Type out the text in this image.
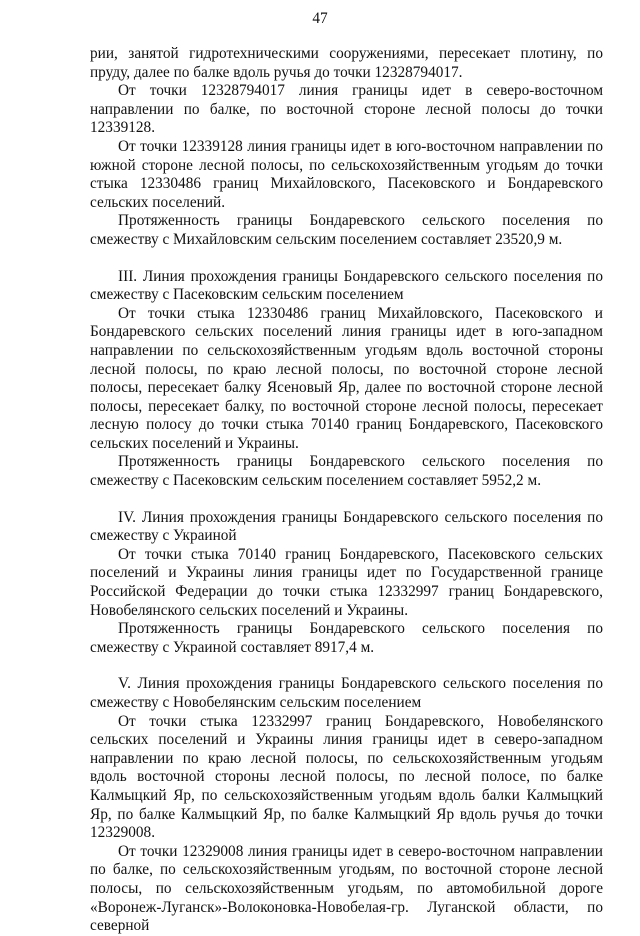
47

рии, занятой гидротехническими сооружениями, пересекает плотину, по пруду, далее по балке вдоль ручья до точки 12328794017.

От точки 12328794017 линия границы идет в северо-восточном направлении по балке, по восточной стороне лесной полосы до точки 12339128.

От точки 12339128 линия границы идет в юго-восточном направлении по южной стороне лесной полосы, по сельскохозяйственным угодьям до точки стыка 12330486 границ Михайловского, Пасековского и Бондаревского сельских поселений.

Протяженность границы Бондаревского сельского поселения по смежеству с Михайловским сельским поселением составляет 23520,9 м.

III. Линия прохождения границы Бондаревского сельского поселения по смежеству с Пасековским сельским поселением

От точки стыка 12330486 границ Михайловского, Пасековского и Бондаревского сельских поселений линия границы идет в юго-западном направлении по сельскохозяйственным угодьям вдоль восточной стороны лесной полосы, по краю лесной полосы, по восточной стороне лесной полосы, пересекает балку Ясеновый Яр, далее по восточной стороне лесной полосы, пересекает балку, по восточной стороне лесной полосы, пересекает лесную полосу до точки стыка 70140 границ Бондаревского, Пасековского сельских поселений и Украины.

Протяженность границы Бондаревского сельского поселения по смежеству с Пасековским сельским поселением составляет 5952,2 м.

IV. Линия прохождения границы Бондаревского сельского поселения по смежеству с Украиной

От точки стыка 70140 границ Бондаревского, Пасековского сельских поселений и Украины линия границы идет по Государственной границе Российской Федерации до точки стыка 12332997 границ Бондаревского, Новобелянского сельских поселений и Украины.

Протяженность границы Бондаревского сельского поселения по смежеству с Украиной составляет 8917,4 м.

V. Линия прохождения границы Бондаревского сельского поселения по смежеству с Новобелянским сельским поселением

От точки стыка 12332997 границ Бондаревского, Новобелянского сельских поселений и Украины линия границы идет в северо-западном направлении по краю лесной полосы, по сельскохозяйственным угодьям вдоль восточной стороны лесной полосы, по лесной полосе, по балке Калмыцкий Яр, по сельскохозяйственным угодьям вдоль балки Калмыцкий Яр, по балке Калмыцкий Яр, по балке Калмыцкий Яр вдоль ручья до точки 12329008.

От точки 12329008 линия границы идет в северо-восточном направлении по балке, по сельскохозяйственным угодьям, по восточной стороне лесной полосы, по сельскохозяйственным угодьям, по автомобильной дороге «Воронеж-Луганск»-Волоконовка-Новобелая-гр. Луганской области, по северной
